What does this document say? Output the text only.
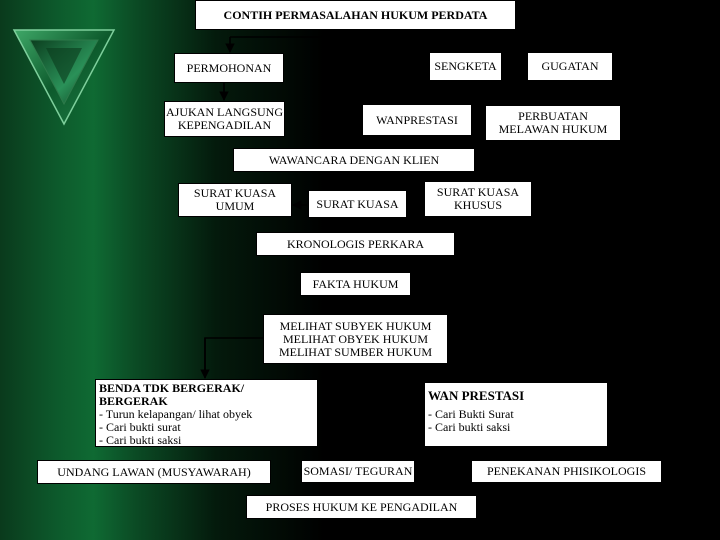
CONTIH PERMASALAHAN HUKUM PERDATA
PERMOHONAN	SENGKETA	GUGATAN
AJUKAN LANGSUNG
KEPENGADILAN	WANPRESTASI	PERBUATAN
MELAWAN HUKUM
WAWANCARA DENGAN KLIEN
SURAT KUASA
UMUM	SURAT KUASA
SURAT KUASA
KHUSUS
KRONOLOGIS PERKARA
FAKTA HUKUM
MELIHAT SUBYEK HUKUM
MELIHAT OBYEK HUKUM
MELIHAT SUMBER HUKUM
BENDA TDK BERGERAK/ BERGERAK
- Turun kelapangan/ lihat obyek
- Cari bukti surat
- Cari bukti saksi
WAN PRESTASI
- Cari Bukti Surat
- Cari bukti saksi
UNDANG LAWAN (MUSYAWARAH)	SOMASI/ TEGURAN	PENEKANAN PHISIKOLOGIS
PROSES HUKUM KE PENGADILAN
